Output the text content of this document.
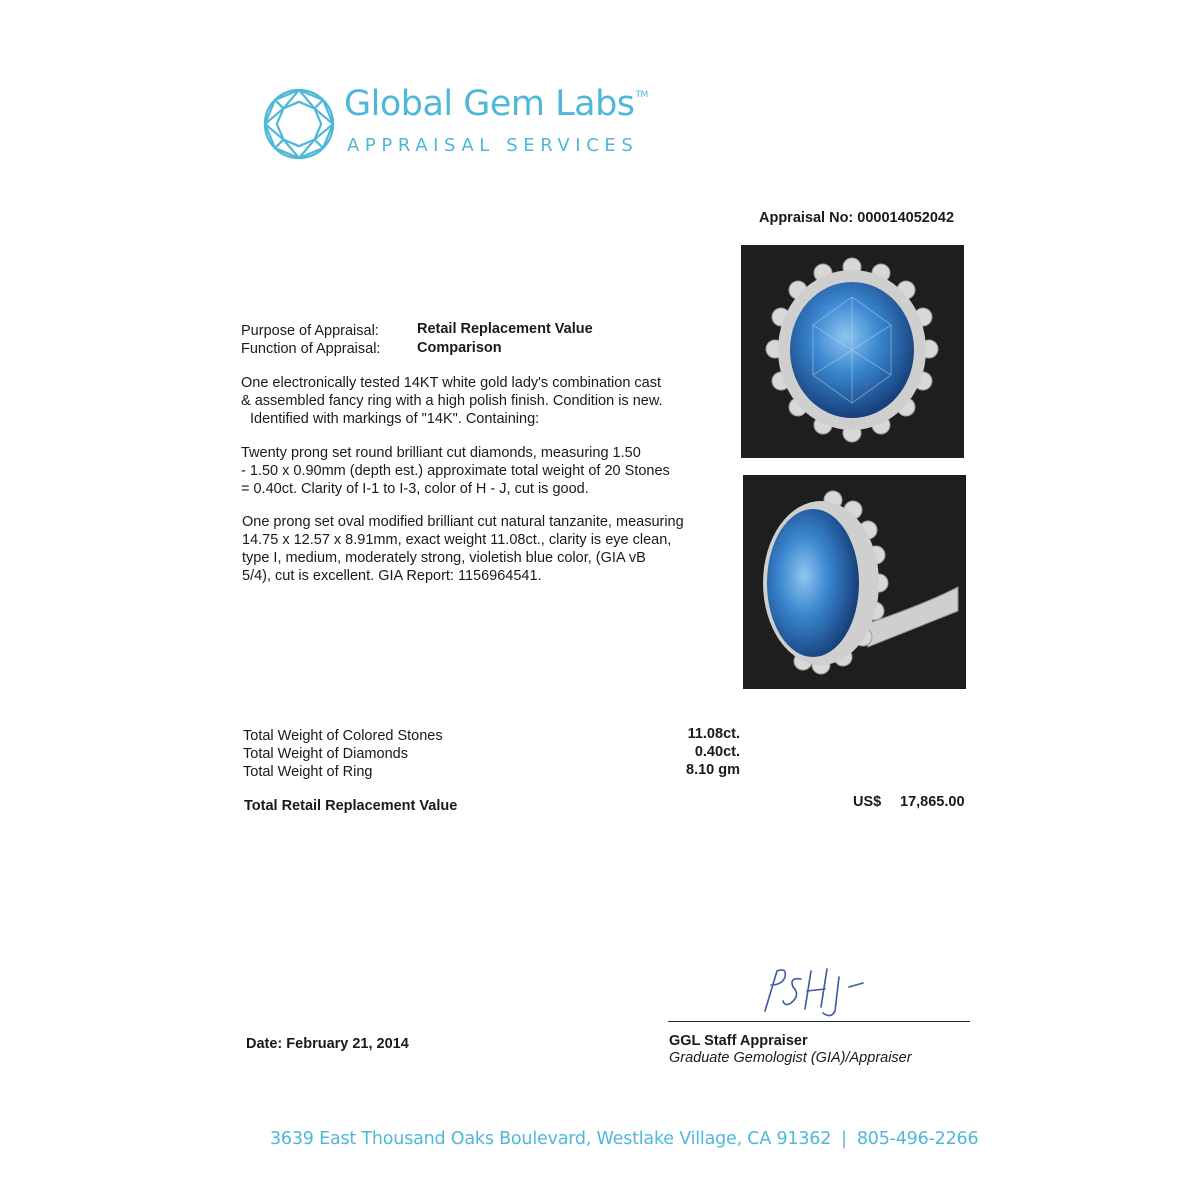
Global Gem Labs™
APPRAISAL SERVICES
Appraisal No: 000014052042
Purpose of Appraisal:	Retail Replacement Value
Function of Appraisal:	Comparison
One electronically tested 14KT white gold lady's combination cast
& assembled fancy ring with a high polish finish. Condition is new.
Identified with markings of "14K". Containing:
Twenty prong set round brilliant cut diamonds, measuring 1.50
- 1.50 x 0.90mm (depth est.) approximate total weight of 20 Stones
= 0.40ct. Clarity of I-1 to I-3, color of H - J, cut is good.
One prong set oval modified brilliant cut natural tanzanite, measuring
14.75 x 12.57 x 8.91mm, exact weight 11.08ct., clarity is eye clean,
type I, medium, moderately strong, violetish blue color, (GIA vB
5/4), cut is excellent. GIA Report: 1156964541.
Total Weight of Colored Stones	11.08ct.
Total Weight of Diamonds	0.40ct.
Total Weight of Ring	8.10 gm
Total Retail Replacement Value	US$ 17,865.00
GGL Staff Appraiser
Graduate Gemologist (GIA)/Appraiser
Date: February 21, 2014
3639 East Thousand Oaks Boulevard, Westlake Village, CA 91362 | 805-496-2266
